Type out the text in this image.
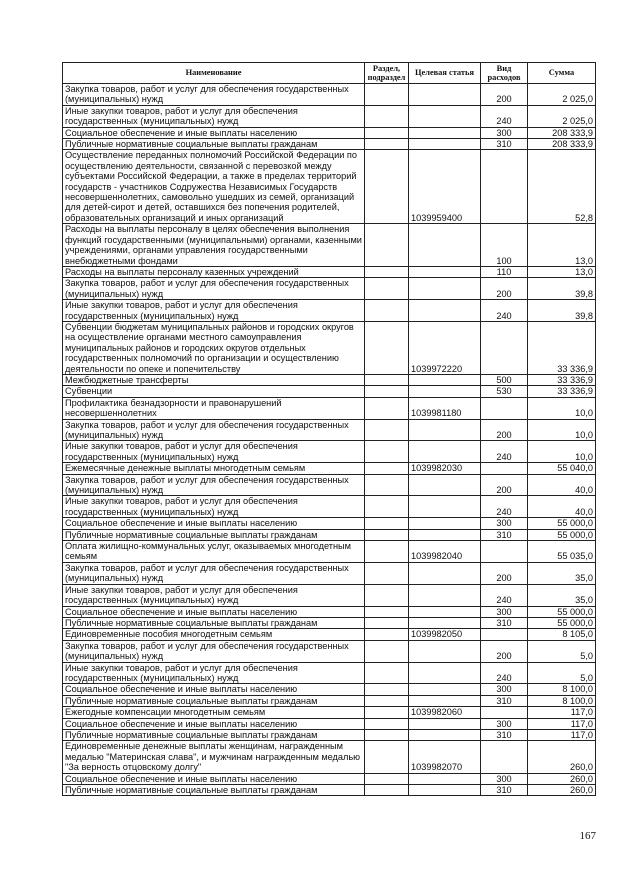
Наименование	Раздел, подраздел	Целевая статья	Вид расходов	Сумма
Закупка товаров, работ и услуг для обеспечения государственных (муниципальных) нужд			200	2 025,0
Иные закупки товаров, работ и услуг для обеспечения государственных (муниципальных) нужд			240	2 025,0
Социальное обеспечение и иные выплаты населению			300	208 333,9
Публичные нормативные социальные выплаты гражданам			310	208 333,9
Осуществление переданных полномочий Российской Федерации по осуществлению деятельности, связанной с перевозкой между субъектами Российской Федерации, а также в пределах территорий государств - участников Содружества Независимых Государств несовершеннолетних, самовольно ушедших из семей, организаций для детей-сирот и детей, оставшихся без попечения родителей, образовательных организаций и иных организаций		1039959400		52,8
Расходы на выплаты персоналу в целях обеспечения выполнения функций государственными (муниципальными) органами, казенными учреждениями, органами управления государственными внебюджетными фондами			100	13,0
Расходы на выплаты персоналу казенных учреждений			110	13,0
Закупка товаров, работ и услуг для обеспечения государственных (муниципальных) нужд			200	39,8
Иные закупки товаров, работ и услуг для обеспечения государственных (муниципальных) нужд			240	39,8
Субвенции бюджетам муниципальных районов и городских округов на осуществление органами местного самоуправления муниципальных районов и городских округов отдельных государственных полномочий по организации и осуществлению деятельности по опеке и попечительству		1039972220		33 336,9
Межбюджетные трансферты			500	33 336,9
Субвенции			530	33 336,9
Профилактика безнадзорности и правонарушений несовершеннолетних		1039981180		10,0
Закупка товаров, работ и услуг для обеспечения государственных (муниципальных) нужд			200	10,0
Иные закупки товаров, работ и услуг для обеспечения государственных (муниципальных) нужд			240	10,0
Ежемесячные денежные выплаты многодетным семьям		1039982030		55 040,0
Закупка товаров, работ и услуг для обеспечения государственных (муниципальных) нужд			200	40,0
Иные закупки товаров, работ и услуг для обеспечения государственных (муниципальных) нужд			240	40,0
Социальное обеспечение и иные выплаты населению			300	55 000,0
Публичные нормативные социальные выплаты гражданам			310	55 000,0
Оплата жилищно-коммунальных услуг, оказываемых многодетным семьям		1039982040		55 035,0
Закупка товаров, работ и услуг для обеспечения государственных (муниципальных) нужд			200	35,0
Иные закупки товаров, работ и услуг для обеспечения государственных (муниципальных) нужд			240	35,0
Социальное обеспечение и иные выплаты населению			300	55 000,0
Публичные нормативные социальные выплаты гражданам			310	55 000,0
Единовременные пособия многодетным семьям		1039982050		8 105,0
Закупка товаров, работ и услуг для обеспечения государственных (муниципальных) нужд			200	5,0
Иные закупки товаров, работ и услуг для обеспечения государственных (муниципальных) нужд			240	5,0
Социальное обеспечение и иные выплаты населению			300	8 100,0
Публичные нормативные социальные выплаты гражданам			310	8 100,0
Ежегодные компенсации многодетным семьям		1039982060		117,0
Социальное обеспечение и иные выплаты населению			300	117,0
Публичные нормативные социальные выплаты гражданам			310	117,0
Единовременные денежные выплаты женщинам, награжденным медалью "Материнская слава", и мужчинам награжденным медалью "За верность отцовскому долгу"		1039982070		260,0
Социальное обеспечение и иные выплаты населению			300	260,0
Публичные нормативные социальные выплаты гражданам			310	260,0
167
